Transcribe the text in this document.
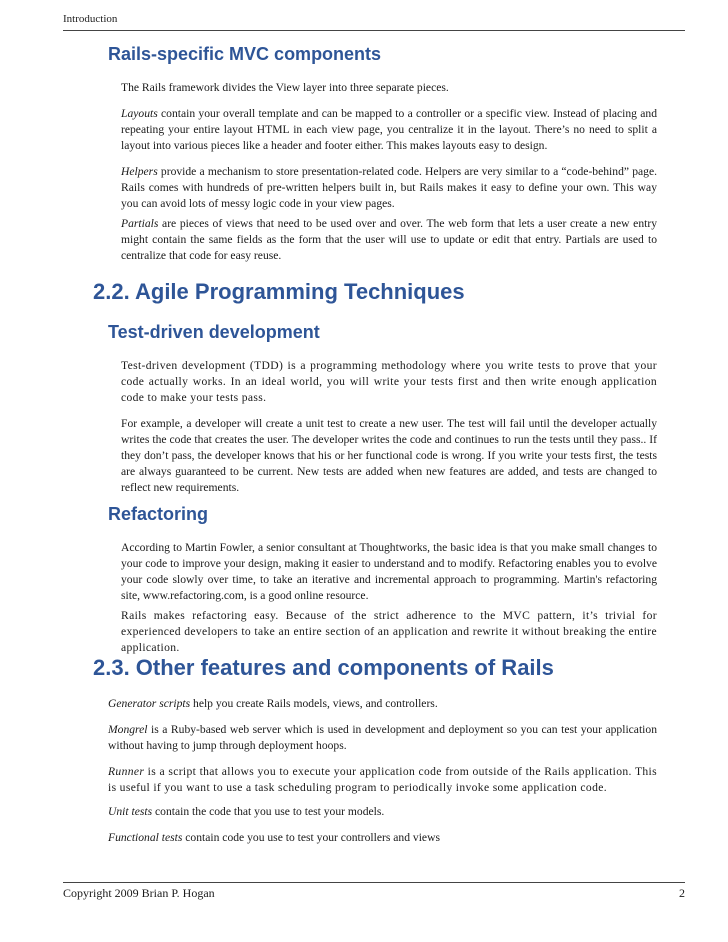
Introduction
Rails-specific MVC components

The Rails framework divides the View layer into three separate pieces.

Layouts contain your overall template and can be mapped to a controller or a specific view. Instead of placing and repeating your entire layout HTML in each view page, you centralize it in the layout. There’s no need to split a layout into various pieces like a header and footer either. This makes layouts easy to design.

Helpers provide a mechanism to store presentation-related code. Helpers are very similar to a “code-behind” page. Rails comes with hundreds of pre-written helpers built in, but Rails makes it easy to define your own. This way you can avoid lots of messy logic code in your view pages.

Partials are pieces of views that need to be used over and over. The web form that lets a user create a new entry might contain the same fields as the form that the user will use to update or edit that entry. Partials are used to centralize that code for easy reuse.

2.2. Agile Programming Techniques
Test-driven development

Test-driven development (TDD) is a programming methodology where you write tests to prove that your code actually works. In an ideal world, you will write your tests first and then write enough application code to make your tests pass.

For example, a developer will create a unit test to create a new user. The test will fail until the developer actually writes the code that creates the user. The developer writes the code and continues to run the tests until they pass.. If they don’t pass, the developer knows that his or her functional code is wrong. If you write your tests first, the tests are always guaranteed to be current. New tests are added when new features are added, and tests are changed to reflect new requirements.

Refactoring

According to Martin Fowler, a senior consultant at Thoughtworks, the basic idea is that you make small changes to your code to improve your design, making it easier to understand and to modify. Refactoring enables you to evolve your code slowly over time, to take an iterative and incremental approach to programming. Martin's refactoring site, www.refactoring.com, is a good online resource.

Rails makes refactoring easy. Because of the strict adherence to the MVC pattern, it’s trivial for experienced developers to take an entire section of an application and rewrite it without breaking the entire application.

2.3. Other features and components of Rails

Generator scripts help you create Rails models, views, and controllers.

Mongrel is a Ruby-based web server which is used in development and deployment so you can test your application without having to jump through deployment hoops.

Runner is a script that allows you to execute your application code from outside of the Rails application. This is useful if you want to use a task scheduling program to periodically invoke some application code.

Unit tests contain the code that you use to test your models.

Functional tests contain code you use to test your controllers and views

Copyright 2009 Brian P. Hogan	2
